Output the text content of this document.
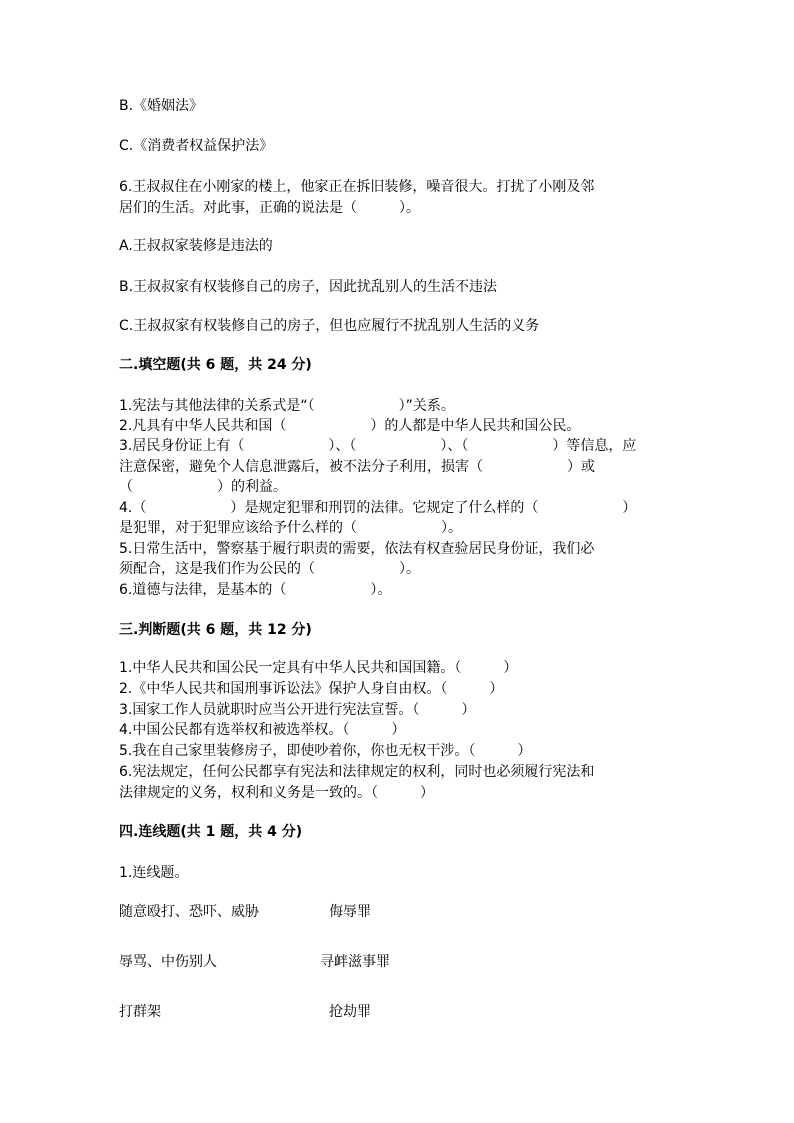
B.《婚姻法》
C.《消费者权益保护法》
6.王叔叔住在小刚家的楼上，他家正在拆旧装修，噪音很大。打扰了小刚及邻
居们的生活。对此事，正确的说法是（　　　）。
A.王叔叔家装修是违法的
B.王叔叔家有权装修自己的房子，因此扰乱别人的生活不违法
C.王叔叔家有权装修自己的房子，但也应履行不扰乱别人生活的义务
二.填空题(共 6 题，共 24 分)
1.宪法与其他法律的关系式是“（　　　　　　）”关系。
2.凡具有中华人民共和国（　　　　　　）的人都是中华人民共和国公民。
3.居民身份证上有（　　　　　　）、（　　　　　　）、（　　　　　　）等信息，应
注意保密，避免个人信息泄露后，被不法分子利用，损害（　　　　　　）或
（　　　　　　）的利益。
4.（　　　　　　）是规定犯罪和刑罚的法律。它规定了什么样的（　　　　　　）
是犯罪，对于犯罪应该给予什么样的（　　　　　　）。
5.日常生活中，警察基于履行职责的需要，依法有权查验居民身份证，我们必
须配合，这是我们作为公民的（　　　　　　）。
6.道德与法律，是基本的（　　　　　　）。
三.判断题(共 6 题，共 12 分)
1.中华人民共和国公民一定具有中华人民共和国国籍。（　　　）
2.《中华人民共和国刑事诉讼法》保护人身自由权。（　　　）
3.国家工作人员就职时应当公开进行宪法宣誓。（　　　）
4.中国公民都有选举权和被选举权。（　　　）
5.我在自己家里装修房子，即使吵着你，你也无权干涉。（　　　）
6.宪法规定，任何公民都享有宪法和法律规定的权利，同时也必须履行宪法和
法律规定的义务，权利和义务是一致的。（　　　）
四.连线题(共 1 题，共 4 分)
1.连线题。
随意殴打、恐吓、威胁	侮辱罪
辱骂、中伤别人	寻衅滋事罪
打群架	抢劫罪
